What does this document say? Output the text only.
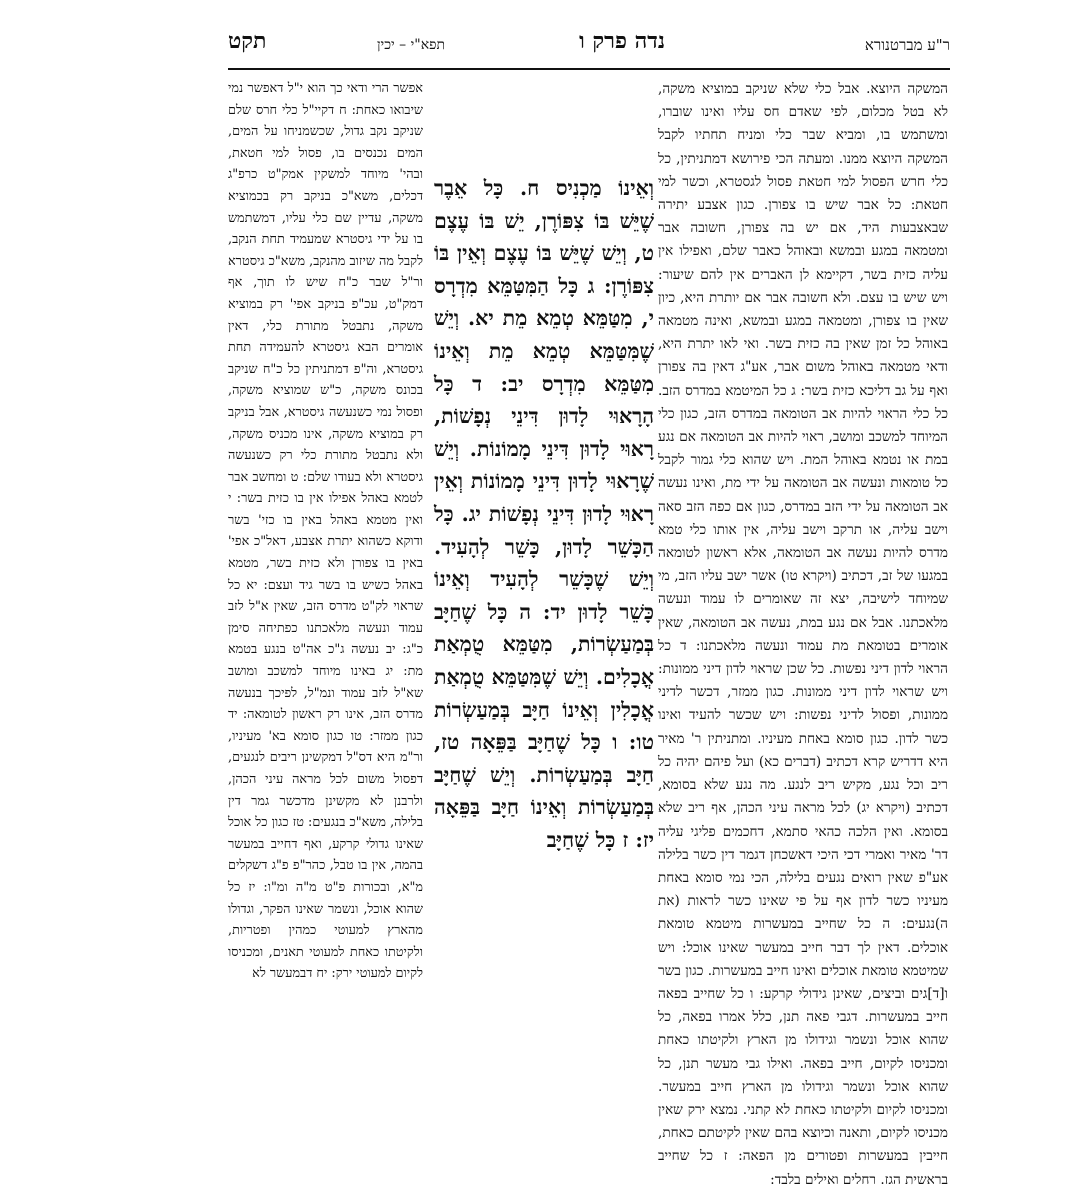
ר"ע מברטנורא
נדה פרק ו
תפא"י – יכין
תקט
המשקה היוצא. אבל כלי שלא שניקב במוציא משקה, לא בטל מכלום, לפי שאדם חס עליו ואינו שוברו, ומשתמש בו, ומביא שבר כלי ומניח תחתיו לקבל המשקה היוצא ממנו. ומעתה הכי פירושא דמתניתין, כל כלי חרש הפסול למי חטאת פסול לגסטרא, וכשר למי חטאת: כל אבר שיש בו צפורן. כגון אצבע יתירה שבאצבעות היד, אם יש בה צפורן, חשובה אבר ומטמאה במגע ובמשא ובאוהל כאבר שלם, ואפילו אין עליה כזית בשר, דקיימא לן האברים אין להם שיעור: ויש שיש בו עצם. ולא חשובה אבר אם יותרת היא, כיון שאין בו צפורן, ומטמאה במגע ובמשא, ואינה מטמאה באוהל כל זמן שאין בה כזית בשר. ואי לאו יתרת היא, ודאי מטמאה באוהל משום אבר, אע"ג דאין בה צפורן ואף על גב דליכא כזית בשר: ג כל המיטמא במדרס הזב. כל כלי הראוי להיות אב הטומאה במדרס הזב, כגון כלי המיוחד למשכב ומושב, ראוי להיות אב הטומאה אם נגע במת או נטמא באוהל המת. ויש שהוא כלי גמור לקבל כל טומאות ונעשה אב הטומאה על ידי מת, ואינו נעשה אב הטומאה על ידי הזב במדרס, כגון אם כפה הזב סאה וישב עליה, או תרקב וישב עליה, אין אותו כלי טמא מדרס להיות נעשה אב הטומאה, אלא ראשון לטומאה במגעו של זב, דכתיב (ויקרא טו) אשר ישב עליו הזב, מי שמיוחד לישיבה, יצא זה שאומרים לו עמוד ונעשה מלאכתנו. אבל אם נגע במת, נעשה אב הטומאה, שאין אומרים בטומאת מת עמוד ונעשה מלאכתנו: ד כל הראוי לדון דיני נפשות. כל שכן שראוי לדון דיני ממונות: ויש שראוי לדון דיני ממונות. כגון ממזר, דכשר לדיני ממונות, ופסול לדיני נפשות: ויש שכשר להעיד ואינו כשר לדון. כגון סומא באחת מעיניו. ומתניתין ר' מאיר היא דדריש קרא דכתיב (דברים כא) ועל פיהם יהיה כל ריב וכל נגע, מקיש ריב לנגע. מה נגע שלא בסומא, דכתיב (ויקרא יג) לכל מראה עיני הכהן, אף ריב שלא בסומא. ואין הלכה כהאי סתמא, דחכמים פליגי עליה דר' מאיר ואמרי דכי היכי דאשכחן דגמר דין כשר בלילה אע"פ שאין רואים נגעים בלילה, הכי נמי סומא באחת מעיניו כשר לדון אף על פי שאינו כשר לראות (את ה)נגעים: ה כל שחייב במעשרות מיטמא טומאת אוכלים. דאין לך דבר חייב במעשר שאינו אוכל: ויש שמיטמא טומאת אוכלים ואינו חייב במעשרות. כגון בשר ו[ד]גים וביצים, שאינן גידולי קרקע: ו כל שחייב בפאה חייב במעשרות. דגבי פאה תנן, כלל אמרו בפאה, כל שהוא אוכל ונשמר וגידולו מן הארץ ולקיטתו כאחת ומכניסו לקיום, חייב בפאה. ואילו גבי מעשר תנן, כל שהוא אוכל ונשמר וגידולו מן הארץ חייב במעשר. ומכניסו לקיום ולקיטתו כאחת לא קתני. נמצא ירק שאין מכניסו לקיום, ותאנה וכיוצא בהם שאין לקיטתם כאחת, חייבין במעשרות ופטורים מן הפאה: ז כל שחייב בראשית הגז. רחלים ואילים בלבד:
וְאֵינוֹ מַכְנִיס ח. כָּל אֵבֶר שֶׁיֵּשׁ בּוֹ צִפּוֹרֶן, יֵשׁ בּוֹ עֶצֶם ט, וְיֵשׁ שֶׁיֵּשׁ בּוֹ עֶצֶם וְאֵין בּוֹ צִפּוֹרֶן: ג כָּל הַמִּטַּמֵּא מִדְרָס י, מִטַּמֵּא טְמֵא מֵת יא. וְיֵשׁ שֶׁמִּטַּמֵּא טְמֵא מֵת וְאֵינוֹ מִטַּמֵּא מִדְרָס יב: ד כָּל הָרָאוּי לָדוּן דִּינֵי נְפָשׁוֹת, רָאוּי לָדוּן דִּינֵי מָמוֹנוֹת. וְיֵשׁ שֶׁרָאוּי לָדוּן דִּינֵי מָמוֹנוֹת וְאֵין רָאוּי לָדוּן דִּינֵי נְפָשׁוֹת יג. כָּל הַכָּשֵׁר לָדוּן, כָּשֵׁר לְהָעִיד. וְיֵשׁ שֶׁכָּשֵׁר לְהָעִיד וְאֵינוֹ כָּשֵׁר לָדוּן יד: ה כָּל שֶׁחַיָּב בְּמַעַשְׂרוֹת, מִטַּמֵּא טֻמְאַת אֳכָלִים. וְיֵשׁ שֶׁמִּטַּמֵּא טֻמְאַת אֳכָלִין וְאֵינוֹ חַיָּב בְּמַעַשְׂרוֹת טו: ו כָּל שֶׁחַיָּב בַּפֵּאָה טז, חַיָּב בְּמַעַשְׂרוֹת. וְיֵשׁ שֶׁחַיָּב בְּמַעַשְׂרוֹת וְאֵינוֹ חַיָּב בַּפֵּאָה יז: ז כָּל שֶׁחַיָּב
אפשר הרי ודאי כך הוא י"ל דאפשר נמי שיבואו כאחת: ח דקיי"ל כלי חרס שלם שניקב נקב גדול, שכשמניחו על המים, המים נכנסים בו, פסול למי חטאת, ובהי' מיוחד למשקין אמק"ט כרפ"ג דכלים, משא"כ בניקב רק בכמוציא משקה, עדיין שם כלי עליו, דמשתמש בו על ידי גיסטרא שמעמיד תחת הנקב, לקבל מה שיזוב מהנקב, משא"כ גיסטרא ור"ל שבר כ"ח שיש לו תוך, אף דמק"ט, עכ"פ בניקב אפי' רק במוציא משקה, נתבטל מתורת כלי, דאין אומרים הבא גיסטרא להעמידה תחת גיסטרא, וה"פ דמתניתין כל כ"ח שניקב בכונס משקה, כ"ש שמוציא משקה, ופסול נמי כשנעשה גיסטרא, אבל בניקב רק במוציא משקה, אינו מכניס משקה, ולא נתבטל מתורת כלי רק כשנעשה גיסטרא ולא בעודו שלם: ט ומחשב אבר לטמא באהל אפילו אין בו כזית בשר: י ואין מטמא באהל באין בו כזי' בשר ודוקא כשהוא יתרת אצבע, דאל"כ אפי' באין בו צפורן ולא כזית בשר, מטמא באהל כשיש בו בשר גיד ועצם: יא כל שראוי לק"ט מדרס הזב, שאין א"ל לזב עמוד ונעשה מלאכתנו כפתיחה סימן כ"ג: יב נעשה ג"כ אה"ט בנגע בטמא מת: יג באינו מיוחד למשכב ומושב שא"ל לזב עמוד ונמ"ל, לפיכך בנעשה מדרס הזב, אינו רק ראשון לטומאה: יד כגון ממזר: טו כגון סומא בא' מעיניו, ור"מ היא דס"ל דמקשינן ריבים לנגעים, דפסול משום לכל מראה עיני הכהן, ולרבנן לא מקשינן מדכשר גמר דין בלילה, משא"כ בנגעים: טז כגון כל אוכל שאינו גדולי קרקע, ואף דחייב במעשר בהמה, אין בו טבל, כהר"פ פ"ג דשקלים מ"א, ובכורות פ"ט מ"ה ומ"ו: יז כל שהוא אוכל, ונשמר שאינו הפקר, וגדולו מהארץ למעוטי כמהין ופטריות, ולקיטתו כאחת למעוטי תאנים, ומכניסו לקיום למעוטי ירק: יח דבמעשר לא
